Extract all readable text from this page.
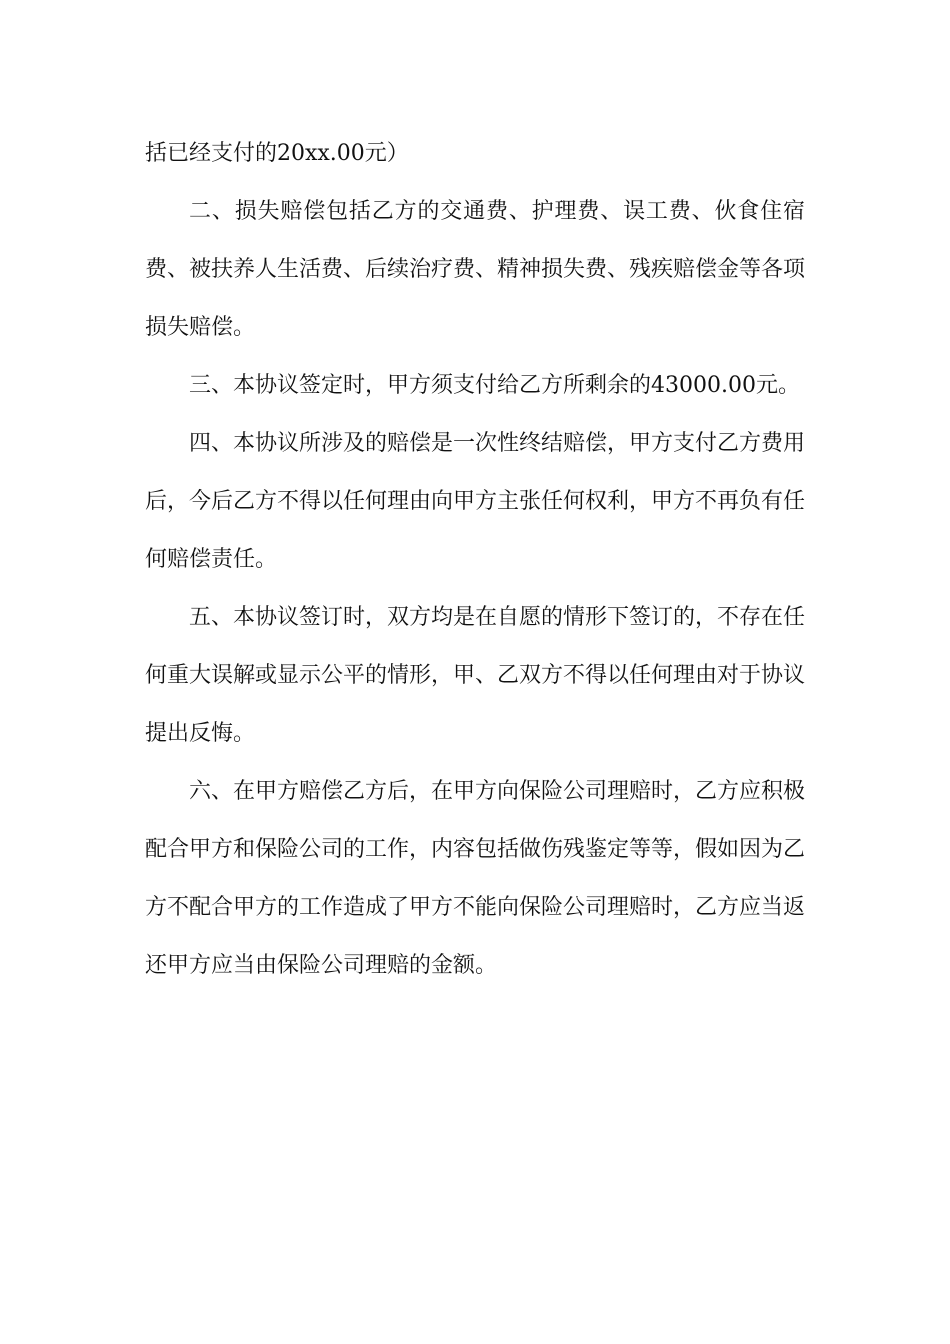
括已经支付的20xx.00元）

二、损失赔偿包括乙方的交通费、护理费、误工费、伙食住宿费、被扶养人生活费、后续治疗费、精神损失费、残疾赔偿金等各项损失赔偿。

三、本协议签定时，甲方须支付给乙方所剩余的43000.00元。

四、本协议所涉及的赔偿是一次性终结赔偿，甲方支付乙方费用后，今后乙方不得以任何理由向甲方主张任何权利，甲方不再负有任何赔偿责任。

五、本协议签订时，双方均是在自愿的情形下签订的，不存在任何重大误解或显示公平的情形，甲、乙双方不得以任何理由对于协议提出反悔。

六、在甲方赔偿乙方后，在甲方向保险公司理赔时，乙方应积极配合甲方和保险公司的工作，内容包括做伤残鉴定等等，假如因为乙方不配合甲方的工作造成了甲方不能向保险公司理赔时，乙方应当返还甲方应当由保险公司理赔的金额。
